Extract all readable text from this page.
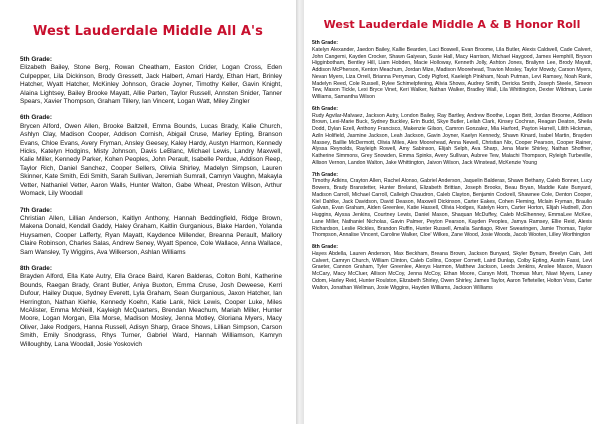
West Lauderdale Middle All A's

5th Grade:

Elizabeth Bailey, Stone Berg, Rowan Cheatham, Easton Crider, Logan Cross, Eden Culpepper, Lila Dickinson, Brody Gressett, Jack Halbert, Amari Hardy, Ethan Hart, Brinley Hatcher, Wyatt Hatcher, McKinley Johnson, Gracie Joyner, Timothy Keller, Gavin Knight, Alaina Lightsey, Bailey Brooke Mayatt, Allie Parten, Taylor Russell, Annsten Snider, Tanner Spears, Xavier Thompson, Graham Tillery, Ian Vincent, Logan Watt, Miley Zingler

6th Grade:

Brycen Alford, Owen Allen, Brooke Baltzell, Emma Bounds, Lucas Brady, Kalie Church, Ashlyn Clay, Madison Cooper, Addison Cornish, Abigail Cruse, Marley Epting, Branson Evans, Chloe Evans, Avery Fryman, Ansley Geesey, Kaley Hardy, Austyn Harmon, Kennedy Hicks, Katelyn Hodgins, Misty Johnson, Davis LeBlanc, Michael Lewis, Landry Maxwell, Kalie Miller, Kennedy Parker, Kohen Peoples, John Perault, Isabelle Perdue, Addison Reep, Taylor Rich, Daniel Sanchez, Cooper Sellers, Olivia Shirley, Madelyn Simpson, Lauren Skinner, Kate Smith, Edi Smith, Sarah Sullivan, Jeremiah Sumrall, Camryn Vaughn, Makayla Vetter, Nathaniel Vetter, Aaron Walls, Hunter Walton, Gabe Wheat, Preston Wilson, Arthur Womack, Lily Woodall

7th Grade:

Christian Allen, Lillian Anderson, Kaitlyn Anthony, Hannah Beddingfield, Ridge Brown, Makena Donald, Kendall Gaddy, Haley Graham, Kaitlin Gurganious, Blake Harden, Yolanda Huysamen, Cooper Lafferty, Ryan Mayatt, Kaydence Millender, Breanna Perault, Mallory Claire Robinson, Charles Salas, Andrew Seney, Wyatt Spence, Cole Wallace, Anna Wallace, Sam Wansley, Ty Wiggins, Ava Wilkerson, Ashlan Williams

8th Grade:

Brayden Alford, Ella Kate Autry, Ella Grace Baird, Karen Balderas, Colton Bohl, Katherine Bounds, Raegan Brady, Grant Butler, Aniya Buxton, Emma Cruse, Josh Deweese, Kerri Dufour, Hailey Duque, Sydney Everett, Lyla Graham, Sean Gurganious, Jaxon Hatcher, Ian Herrington, Nathan Kiehle, Kennedy Koehn, Katie Lank, Nick Lewis, Cooper Luke, Miles McAlister, Emma McNeill, Kayleigh McQuarters, Brendan Meachum, Mariah Miller, Hunter Moore, Logan Morgan, Ella Morse, Madison Mosley, Jenna Motley, Gloriana Myers, Macy Oliver, Jake Rodgers, Hanna Russell, Adisyn Sharp, Grace Shows, Lillian Simpson, Carson Smith, Emily Snodgrass, Rhys Turner, Gabriel Ward, Hannah Williamson, Kamryn Willoughby, Lana Woodall, Josie Yoskovich

West Lauderdale Middle A & B Honor Roll

5th Grade:

Katelyn Alexander, Jaedon Bailey, Kallie Bearden, Laci Boswell, Evan Broome, Lila Butler, Alexis Caldwell, Cade Calvert, John Cangemi, Kayden Crocker, Shawn Gaiyean, Susie Hall, Macy Harrison, Michael Haygood, James Hemphill, Bryson Higginbotham, Bentley Hill, Liam Hobden, Macie Holloway, Kenneth Jolly, Ashton Jones, Braliynn Lee, Brody Mayatt, Addison McPherson, Kenton Meachum, Jordan Mize, Madison Moorehead, Travion Mosley, Taylor Mowdy, Carson Myers, Nevan Myers, Liza Orrell, Brianna Perryman, Cody Pigford, Kaeleigh Pinkham, Noah Putman, Levi Ramsey, Noah Rank, Madelyn Reed, Cole Russell, Rylee Schimelpfening, Alivia Shows, Audrey Smith, Dericka Smith, Joseph Steele, Simeon Tew, Mason Tickle, Lexi Bryce Vinet, Keri Walker, Nathan Walker, Bradley Wall, Lila Whittington, Dexter Wildman, Lanie Williams, Samantha Wilson

6th Grade:

Rudy Agvilar-Malvaez, Jackson Autry, London Bailey, Ray Bartley, Andrew Boothe, Logan Britt, Jordan Broome, Addison Brown, Lexi-Marie Buck, Sydney Buckley, Erin Budd, Skye Butler, Leilah Clark, Kinsey Cochran, Reagan Deaton, Sheila Dodd, Dylan Ezell, Anthony Francisco, Makenzie Gilson, Camron Gonzalez, Mia Harford, Payton Harrell, Lilith Hickman, Aziln Holifield, Jasmine Jackson, Leah Jackson, Gavin Joyner, Kaelyn Kennedy, Shawn Kinard, Isabel Martin, Brayden Massey, Baillie McDermott, Olivia Miles, Alex Moorehead, Anna Newell, Christian Nix, Cooper Pearson, Cooper Rainer, Alyssa Reynolds, Rayleigh Rowell, Amy Sabinson, Elijah Selph, Ava Sharp, Jena Marie Shirley, Nathan Shoffner, Katherine Simmons, Grey Snowden, Emma Spinks, Avery Sullivan, Aubree Tew, Malachi Thompson, Ryleigh Turbeville, Allison Vernon, Landon Walton, Jake Whittington, Jaivon Wilson, Jack Winstead, McKenzie Young

7th Grade:

Timothy Adkins, Crayton Allen, Rachel Alonso, Gabriel Anderson, Jaquelin Balderas, Shawn Bethany, Caleb Bonner, Lucy Bowers, Brady Branstetter, Hunter Breland, Elizabeth Brittian, Joseph Brooks, Beau Bryan, Maddie Kate Bunyard, Madison Carroll, Michael Carroll, Calleigh Chaudron, Caleb Clayton, Benjamin Cockrell, Shawnee Cole, Denton Cooper, Kiel Dahlke, Jack Davidson, David Deason, Maxwell Dickinson, Carter Eakes, Cohen Fleming, Mclain Fryman, Braulio Galvan, Evan Graham, Aiden Greenlee, Katie Hassell, Olivia Hodges, Katelyn Horn, Carter Horton, Elijah Hudnell, Zion Huggins, Alyssa Jenkins, Courtney Lewis, Daniel Mason, Shaquan McDuffey, Caleb McElhenney, EmmaLee McKee, Lane Miller, Nathaniel Nicholas, Gavin Palmer, Peyton Pearson, Kayden Peoples, Jamya Ramsey, Ellie Reid, Alexis Richardson, Leslie Rickles, Brandon Ruffin, Hunter Russell, Amalia Santiago, River Swearingen, Jamie Thomas, Taylor Thompson, Annalise Vincent, Caroline Walker, Cloe' Wilkes, Zane Wood, Josie Woods, Jacob Wooten, Lilley Worthington

8th Grade:

Hayes Abdella, Lauren Anderson, Max Beckham, Breana Brown, Jackson Bunyard, Skyler Bynum, Breelyn Cain, Jett Calvert, Camryn Church, William Clinton, Caleb Collins, Cooper Cornett, Laird Dunlap, Colby Epting, Austin Fassi, Levi Graeter, Cannon Graham, Tyler Greenlee, Alexys Harmon, Matthew Jackson, Leeds Jenkins, Anslee Mason, Mason McCary, Macy McCluer, Allison McCoy, Jenna McCoy, Ethan Moore, Carsyn Mott, Thomas Murr, Niavi Myers, Laney Odom, Harley Reid, Hunter Roulston, Elizabeth Shirley, Owen Shirley, James Taylor, Aaron Tefteteller, Holton Voss, Carter Walton, Jonathan Wellman, Josie Wiggins, Hayden Williams, Jackson Williams
